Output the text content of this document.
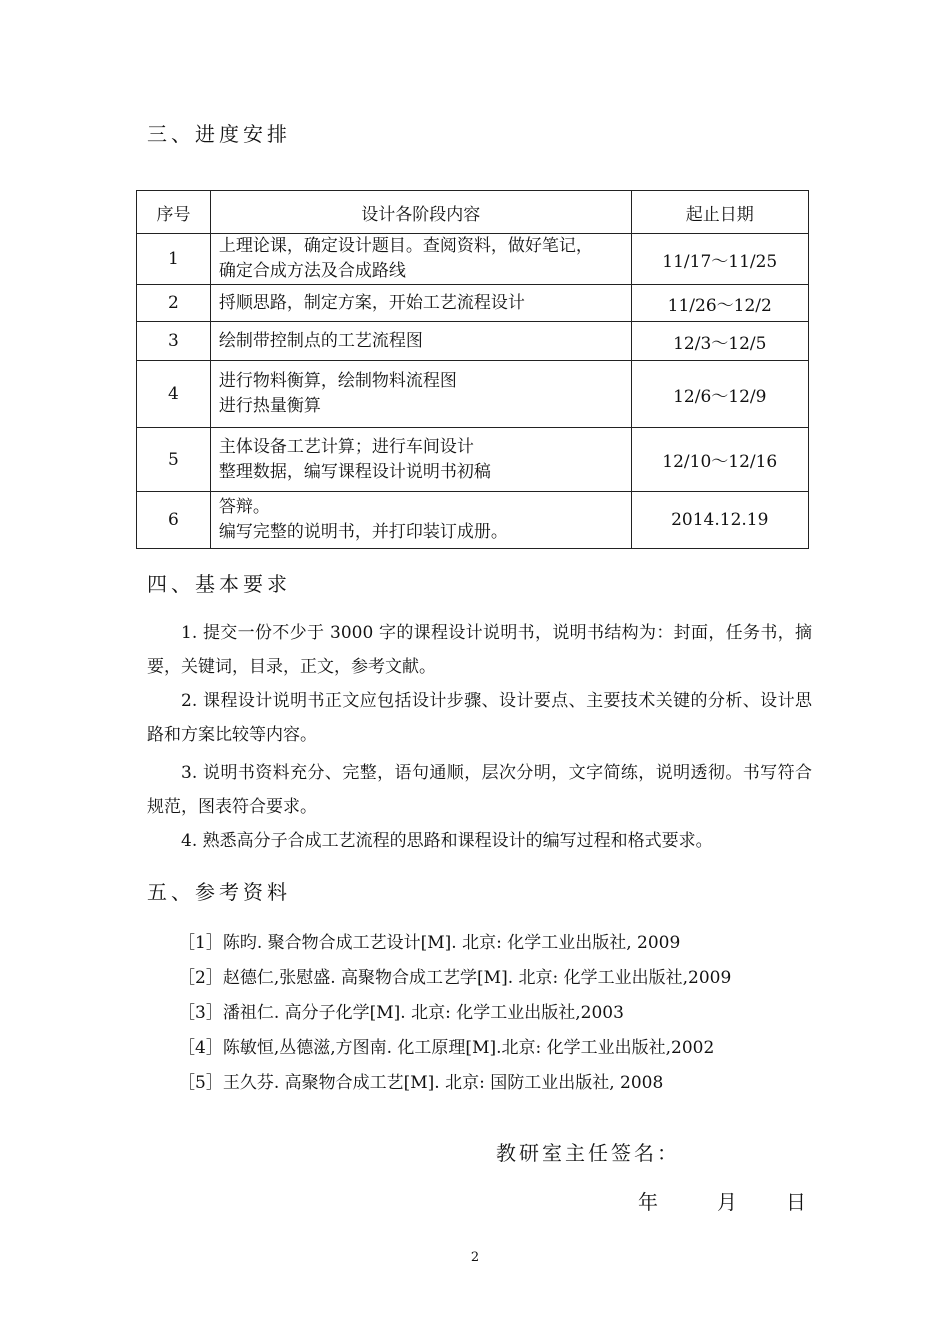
三、进度安排
序号	设计各阶段内容	起止日期
1	上理论课，确定设计题目。查阅资料，做好笔记，
确定合成方法及合成路线	11/17～11/25
2	捋顺思路，制定方案，开始工艺流程设计	11/26～12/2
3	绘制带控制点的工艺流程图	12/3～12/5
4	进行物料衡算，绘制物料流程图
进行热量衡算	12/6～12/9
5	主体设备工艺计算；进行车间设计
整理数据，编写课程设计说明书初稿	12/10～12/16
6	答辩。
编写完整的说明书，并打印装订成册。	2014.12.19
四、基本要求
1. 提交一份不少于 3000 字的课程设计说明书，说明书结构为：封面，任务书，摘要，关键词，目录，正文，参考文献。
2. 课程设计说明书正文应包括设计步骤、设计要点、主要技术关键的分析、设计思路和方案比较等内容。
3. 说明书资料充分、完整，语句通顺，层次分明，文字简练，说明透彻。书写符合规范，图表符合要求。
4. 熟悉高分子合成工艺流程的思路和课程设计的编写过程和格式要求。
五、参考资料
［1］陈昀. 聚合物合成工艺设计[M]. 北京: 化学工业出版社, 2009
［2］赵德仁,张慰盛. 高聚物合成工艺学[M]. 北京: 化学工业出版社,2009
［3］潘祖仁. 高分子化学[M]. 北京: 化学工业出版社,2003
［4］陈敏恒,丛德滋,方图南. 化工原理[M].北京: 化学工业出版社,2002
［5］王久芬. 高聚物合成工艺[M]. 北京: 国防工业出版社, 2008
教研室主任签名：
年	月 日
2
